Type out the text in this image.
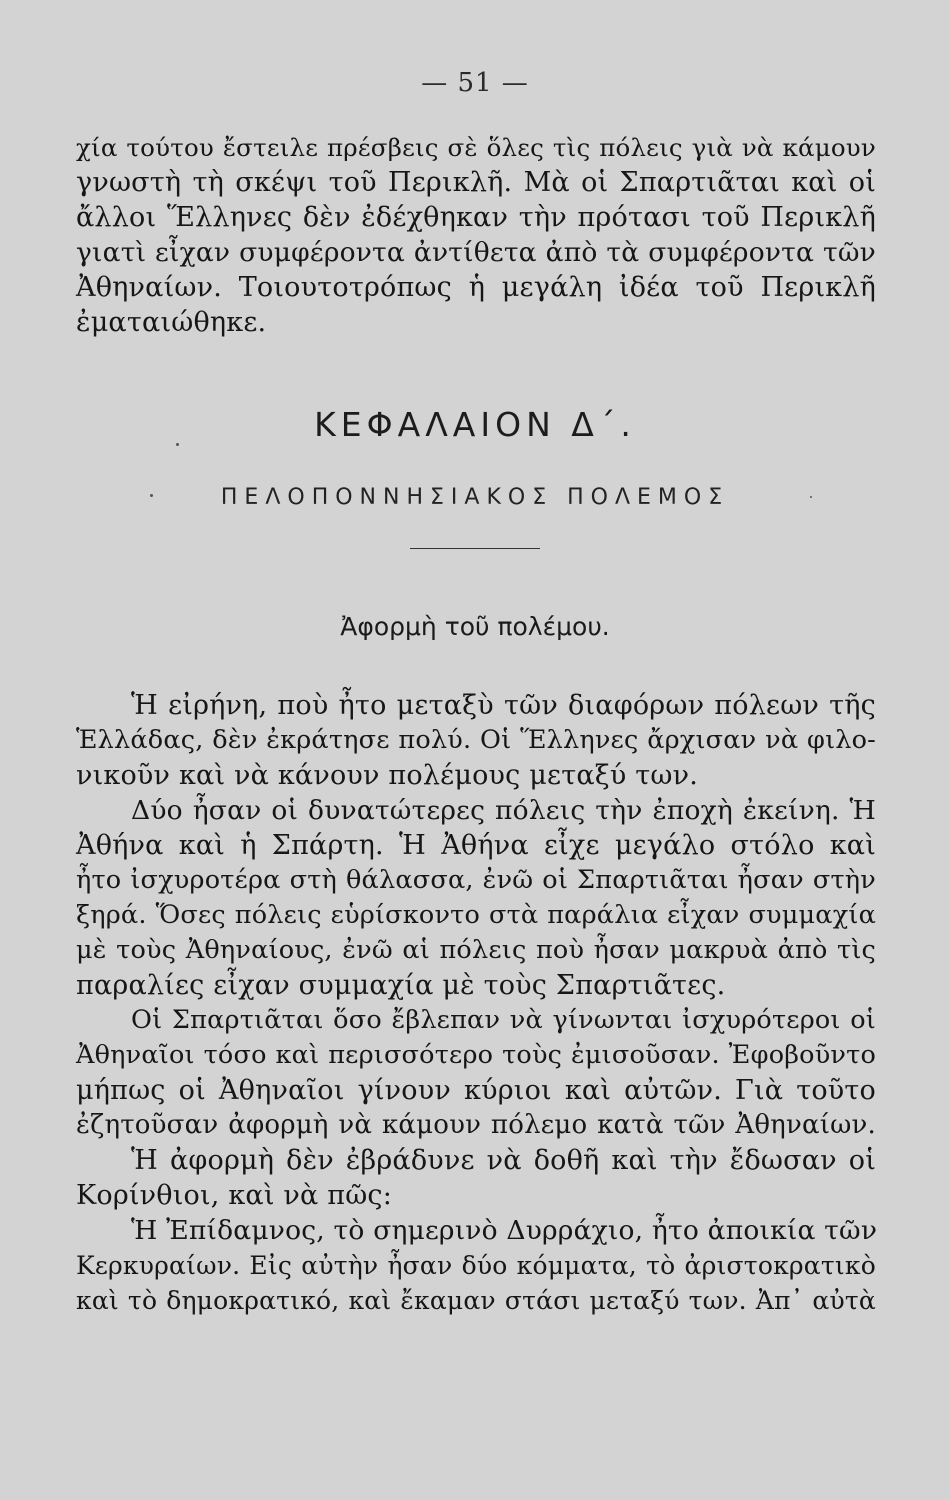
— 51 —
χία τούτου ἔστειλε πρέσβεις σὲ ὅλες τὶς πόλεις γιὰ νὰ κάμουν
γνωστὴ τὴ σκέψι τοῦ Περικλῆ. Μὰ οἱ Σπαρτιᾶται καὶ οἱ
ἄλλοι Ἕλληνες δὲν ἐδέχθηκαν τὴν πρότασι τοῦ Περικλῆ
γιατὶ εἶχαν συμφέροντα ἀντίθετα ἀπὸ τὰ συμφέροντα τῶν
Ἀθηναίων. Τοιουτοτρόπως ἡ μεγάλη ἰδέα τοῦ Περικλῆ
ἐματαιώθηκε.
ΚΕΦΑΛΑΙΟΝ Δ΄.
ΠΕΛΟΠΟΝΝΗΣΙΑΚΟΣ ΠΟΛΕΜΟΣ
Ἀφορμὴ τοῦ πολέμου.
Ἡ εἰρήνη, ποὺ ἦτο μεταξὺ τῶν διαφόρων πόλεων τῆς
Ἑλλάδας, δὲν ἐκράτησε πολύ. Οἱ Ἕλληνες ἄρχισαν νὰ φιλο-
νικοῦν καὶ νὰ κάνουν πολέμους μεταξύ των.
Δύο ἦσαν οἱ δυνατώτερες πόλεις τὴν ἐποχὴ ἐκείνη. Ἡ
Ἀθήνα καὶ ἡ Σπάρτη. Ἡ Ἀθήνα εἶχε μεγάλο στόλο καὶ
ἦτο ἰσχυροτέρα στὴ θάλασσα, ἐνῶ οἱ Σπαρτιᾶται ἦσαν στὴν
ξηρά. Ὅσες πόλεις εὑρίσκοντο στὰ παράλια εἶχαν συμμαχία
μὲ τοὺς Ἀθηναίους, ἐνῶ αἱ πόλεις ποὺ ἦσαν μακρυὰ ἀπὸ τὶς
παραλίες εἶχαν συμμαχία μὲ τοὺς Σπαρτιᾶτες.
Οἱ Σπαρτιᾶται ὅσο ἔβλεπαν νὰ γίνωνται ἰσχυρότεροι οἱ
Ἀθηναῖοι τόσο καὶ περισσότερο τοὺς ἐμισοῦσαν. Ἐφοβοῦντο
μήπως οἱ Ἀθηναῖοι γίνουν κύριοι καὶ αὐτῶν. Γιὰ τοῦτο
ἐζητοῦσαν ἀφορμὴ νὰ κάμουν πόλεμο κατὰ τῶν Ἀθηναίων.
Ἡ ἀφορμὴ δὲν ἐβράδυνε νὰ δοθῆ καὶ τὴν ἔδωσαν οἱ
Κορίνθιοι, καὶ νὰ πῶς:
Ἡ Ἐπίδαμνος, τὸ σημερινὸ Δυρράχιο, ἦτο ἀποικία τῶν
Κερκυραίων. Εἰς αὐτὴν ἦσαν δύο κόμματα, τὸ ἀριστοκρατικὸ
καὶ τὸ δημοκρατικό, καὶ ἔκαμαν στάσι μεταξύ των. Ἀπ᾿ αὐτὰ
